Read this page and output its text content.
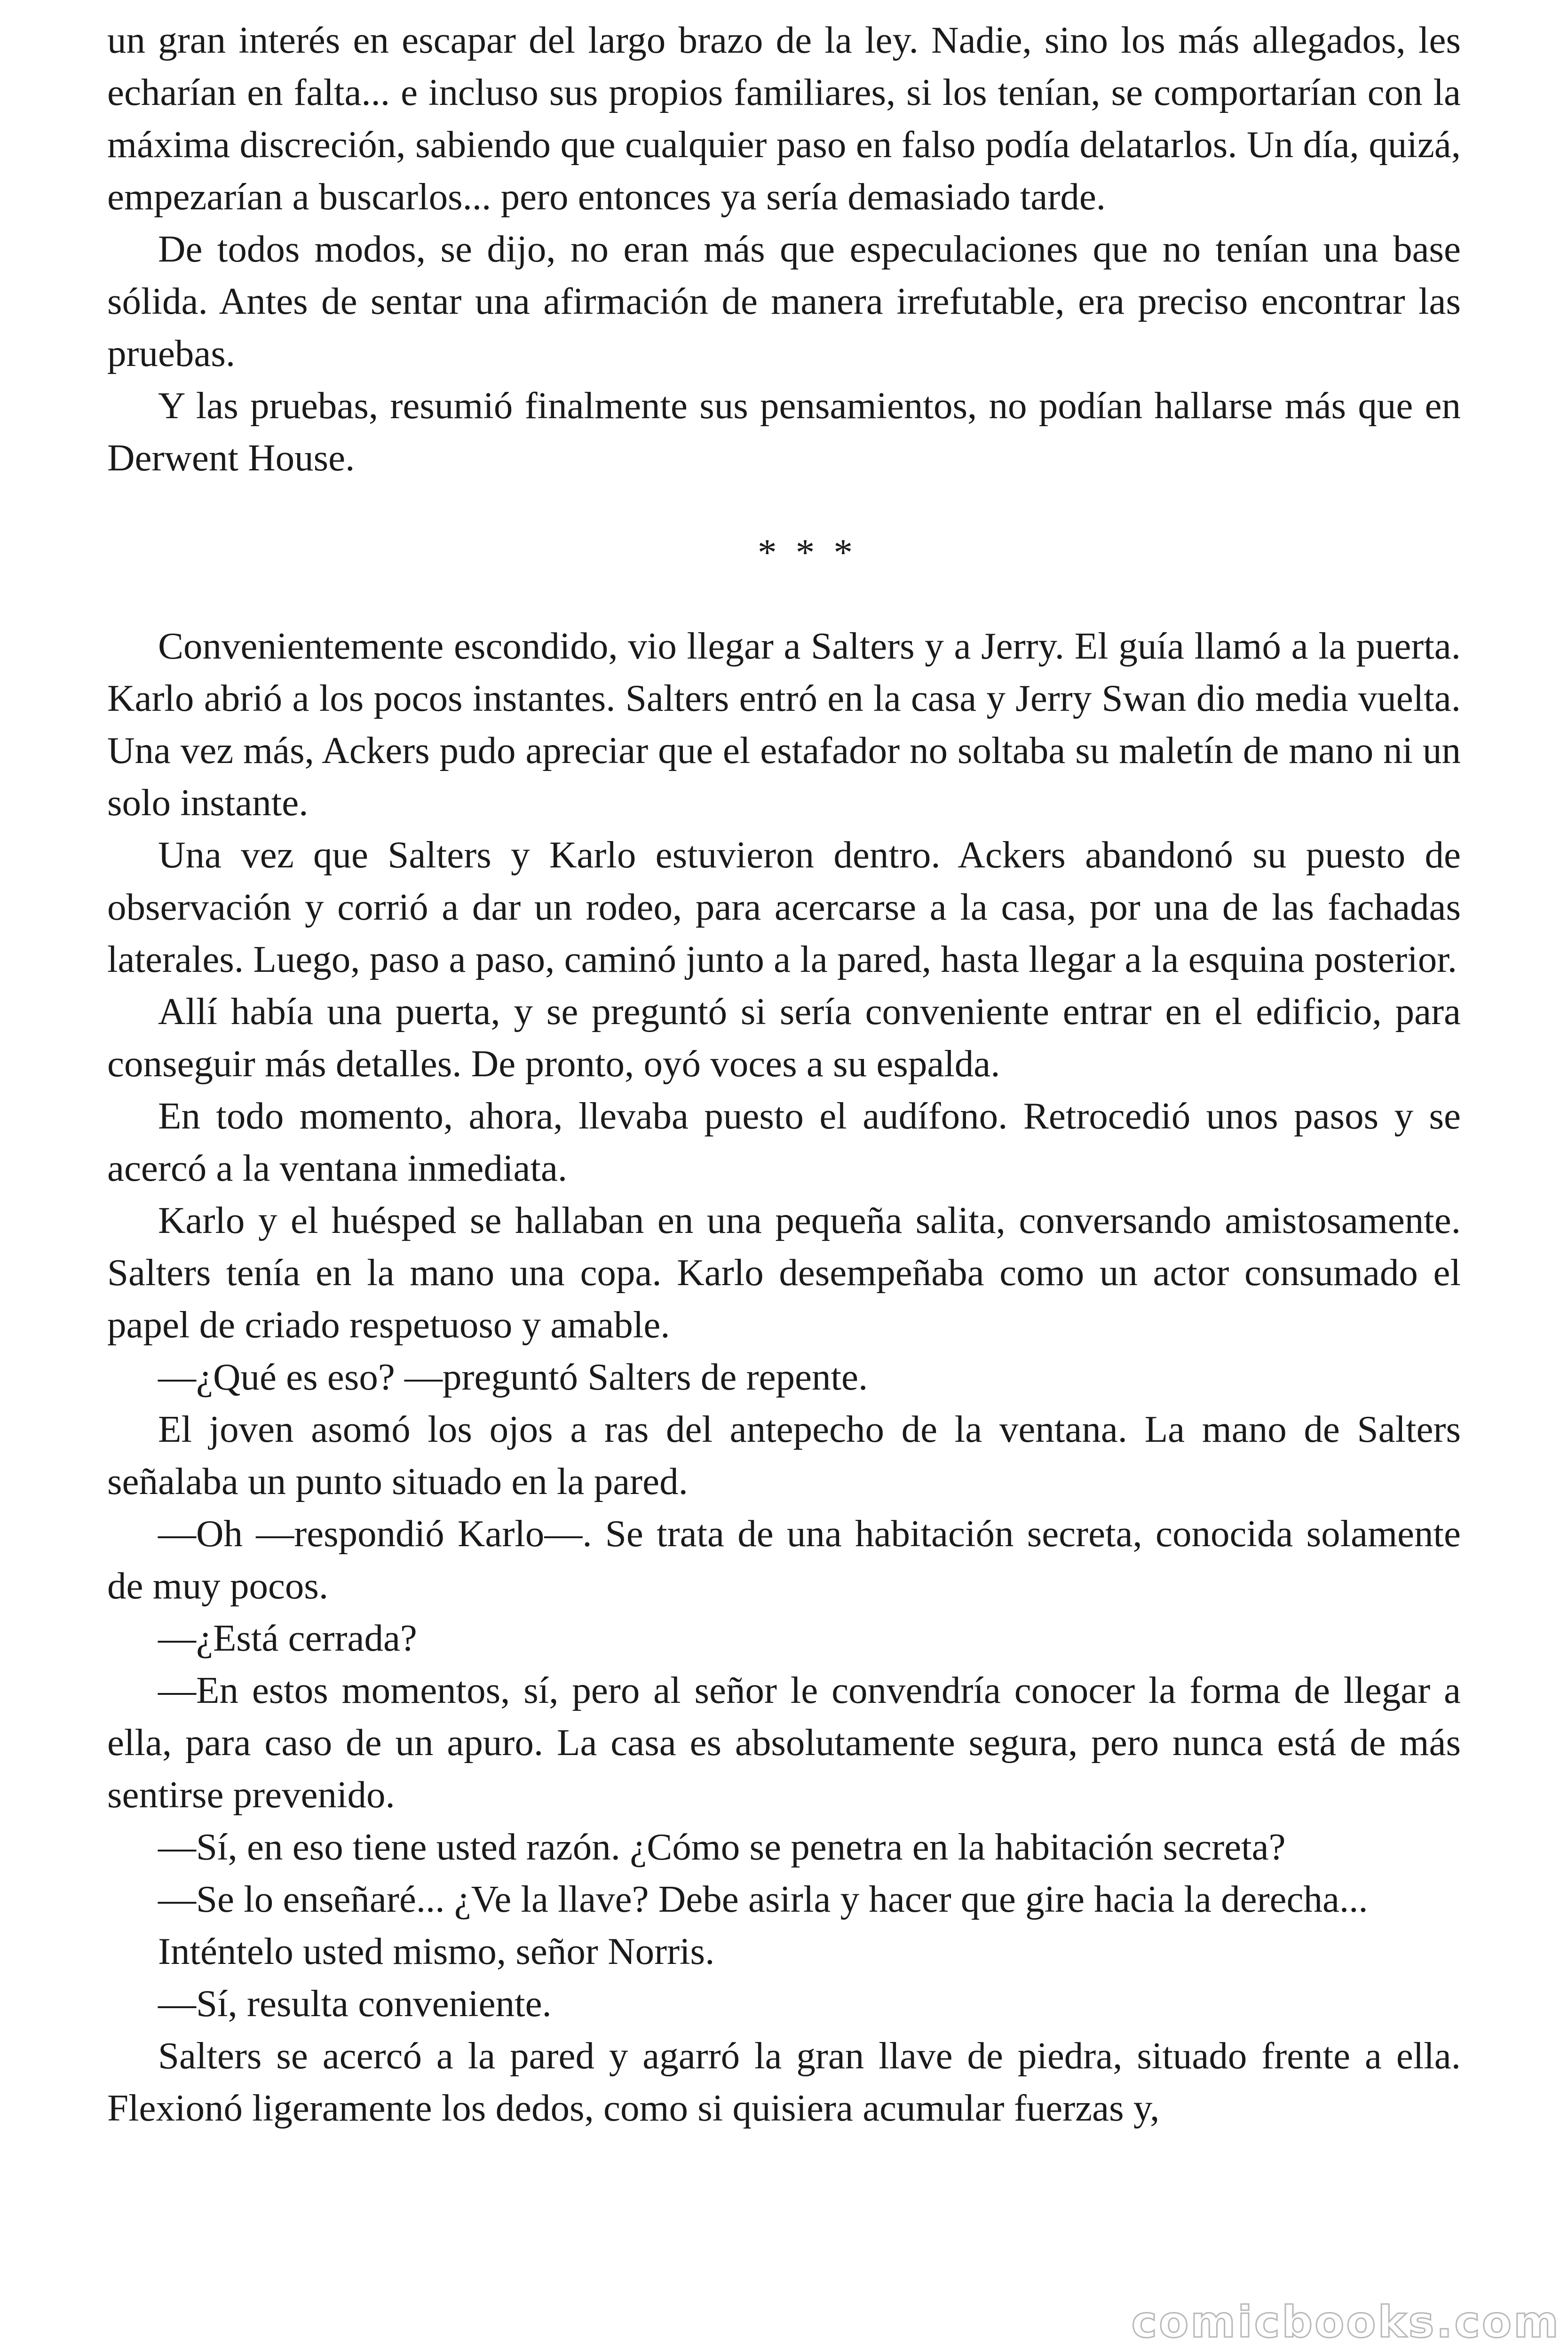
un gran interés en escapar del largo brazo de la ley. Nadie, sino los más allegados, les echarían en falta... e incluso sus propios familiares, si los tenían, se comportarían con la máxima discreción, sabiendo que cualquier paso en falso podía delatarlos. Un día, quizá, empezarían a buscarlos... pero entonces ya sería demasiado tarde.

De todos modos, se dijo, no eran más que especulaciones que no tenían una base sólida. Antes de sentar una afirmación de manera irrefutable, era preciso encontrar las pruebas.

Y las pruebas, resumió finalmente sus pensamientos, no podían hallarse más que en Derwent House.

* * *

Convenientemente escondido, vio llegar a Salters y a Jerry. El guía llamó a la puerta. Karlo abrió a los pocos instantes. Salters entró en la casa y Jerry Swan dio media vuelta. Una vez más, Ackers pudo apreciar que el estafador no soltaba su maletín de mano ni un solo instante.

Una vez que Salters y Karlo estuvieron dentro. Ackers abandonó su puesto de observación y corrió a dar un rodeo, para acercarse a la casa, por una de las fachadas laterales. Luego, paso a paso, caminó junto a la pared, hasta llegar a la esquina posterior.

Allí había una puerta, y se preguntó si sería conveniente entrar en el edificio, para conseguir más detalles. De pronto, oyó voces a su espalda.

En todo momento, ahora, llevaba puesto el audífono. Retrocedió unos pasos y se acercó a la ventana inmediata.

Karlo y el huésped se hallaban en una pequeña salita, conversando amistosamente. Salters tenía en la mano una copa. Karlo desempeñaba como un actor consumado el papel de criado respetuoso y amable.

—¿Qué es eso? —preguntó Salters de repente.

El joven asomó los ojos a ras del antepecho de la ventana. La mano de Salters señalaba un punto situado en la pared.

—Oh —respondió Karlo—. Se trata de una habitación secreta, conocida solamente de muy pocos.

—¿Está cerrada?

—En estos momentos, sí, pero al señor le convendría conocer la forma de llegar a ella, para caso de un apuro. La casa es absolutamente segura, pero nunca está de más sentirse prevenido.

—Sí, en eso tiene usted razón. ¿Cómo se penetra en la habitación secreta?

—Se lo enseñaré... ¿Ve la llave? Debe asirla y hacer que gire hacia la derecha...

Inténtelo usted mismo, señor Norris.

—Sí, resulta conveniente.

Salters se acercó a la pared y agarró la gran llave de piedra, situado frente a ella. Flexionó ligeramente los dedos, como si quisiera acumular fuerzas y,

comicbooks.com
